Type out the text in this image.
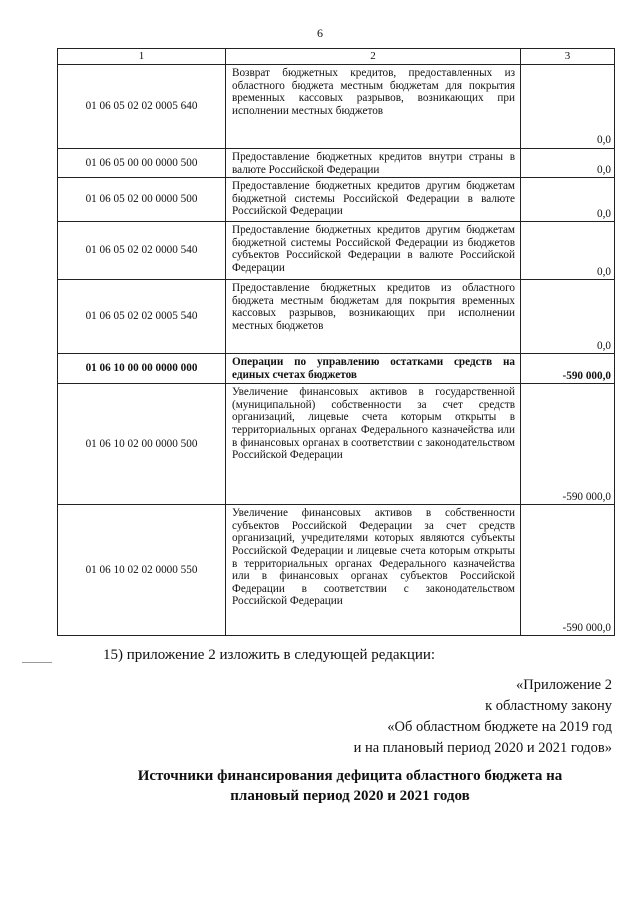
6
1	2	3
01 06 05 02 02 0005 640	Возврат бюджетных кредитов, предоставленных из областного бюджета местным бюджетам для покрытия временных кассовых разрывов, возникающих при исполнении местных бюджетов	0,0
01 06 05 00 00 0000 500	Предоставление бюджетных кредитов внутри страны в валюте Российской Федерации	0,0
01 06 05 02 00 0000 500	Предоставление бюджетных кредитов другим бюджетам бюджетной системы Российской Федерации в валюте Российской Федерации	0,0
01 06 05 02 02 0000 540	Предоставление бюджетных кредитов другим бюджетам бюджетной системы Российской Федерации из бюджетов субъектов Российской Федерации в валюте Российской Федерации	0,0
01 06 05 02 02 0005 540	Предоставление бюджетных кредитов из областного бюджета местным бюджетам для покрытия временных кассовых разрывов, возникающих при исполнении местных бюджетов	0,0
01 06 10 00 00 0000 000	Операции по управлению остатками средств на единых счетах бюджетов	-590 000,0
01 06 10 02 00 0000 500	Увеличение финансовых активов в государственной (муниципальной) собственности за счет средств организаций, лицевые счета которым открыты в территориальных органах Федерального казначейства или в финансовых органах в соответствии с законодательством Российской Федерации	-590 000,0
01 06 10 02 02 0000 550	Увеличение финансовых активов в собственности субъектов Российской Федерации за счет средств организаций, учредителями которых являются субъекты Российской Федерации и лицевые счета которым открыты в территориальных органах Федерального казначейства или в финансовых органах субъектов Российской Федерации в соответствии с законодательством Российской Федерации	-590 000,0
15) приложение 2 изложить в следующей редакции:
«Приложение 2
к областному закону
«Об областном бюджете на 2019 год
и на плановый период 2020 и 2021 годов»
Источники финансирования дефицита областного бюджета на
плановый период 2020 и 2021 годов
